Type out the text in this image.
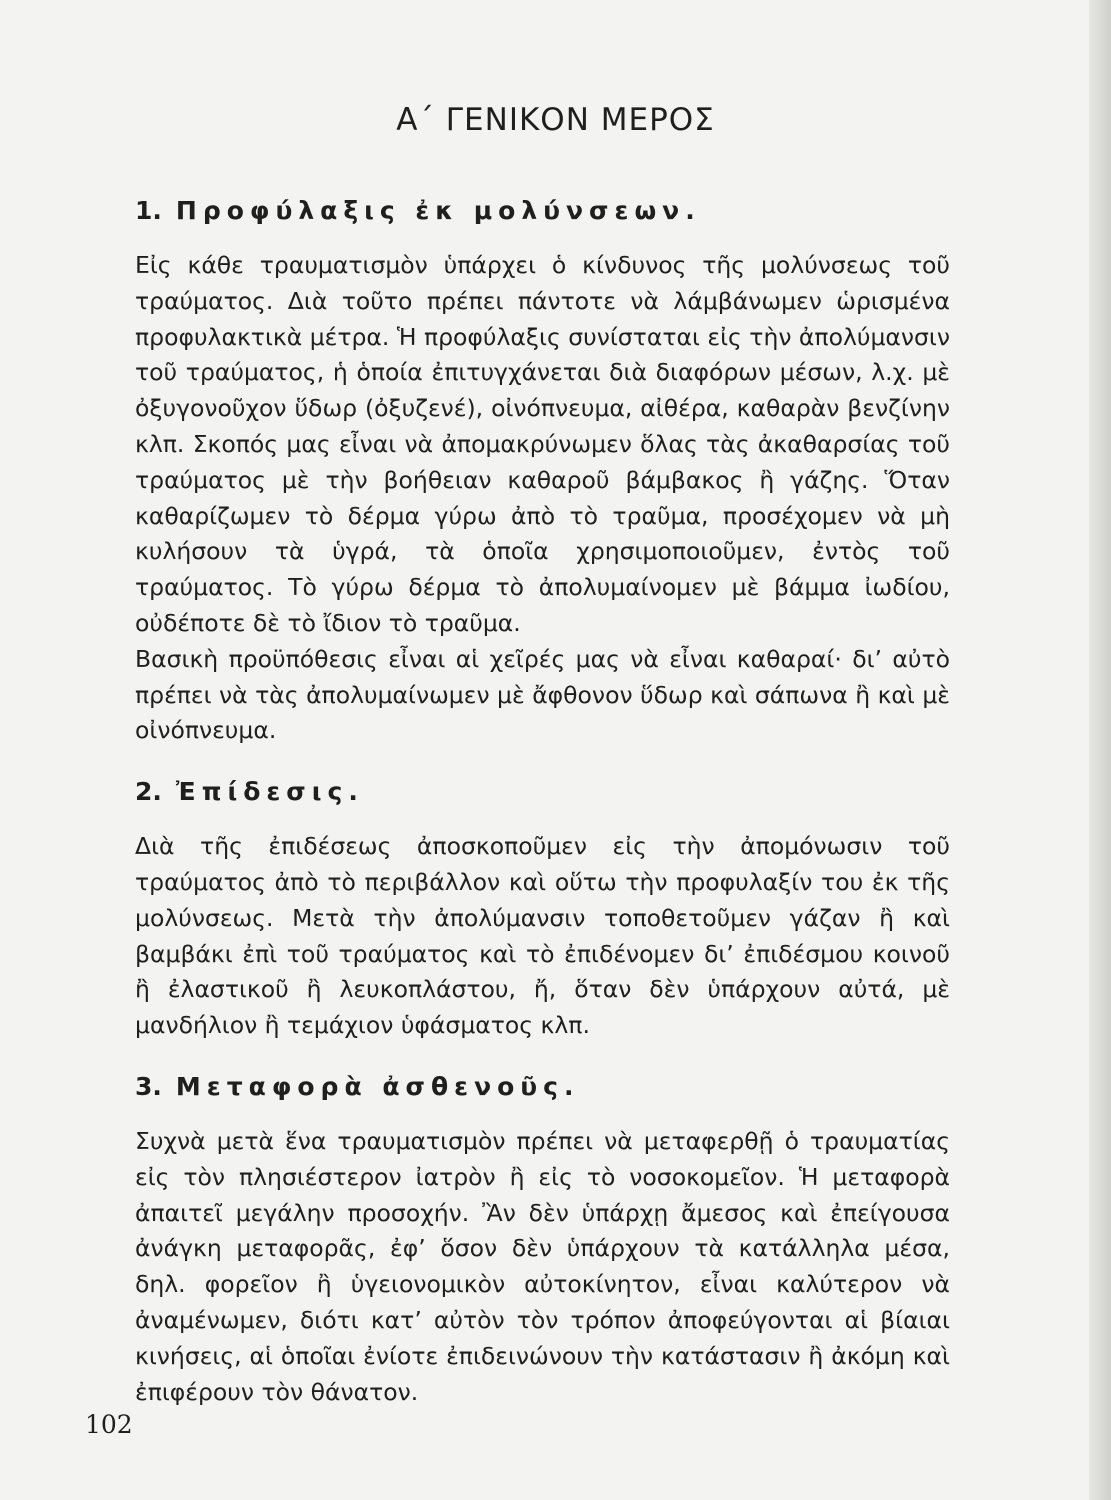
Α΄ ΓΕΝΙΚΟΝ ΜΕΡΟΣ
1. Προφύλαξις ἐκ μολύνσεων.

Εἰς κάθε τραυματισμὸν ὑπάρχει ὁ κίνδυνος τῆς μολύνσεως τοῦ τραύματος. Διὰ τοῦτο πρέπει πάντοτε νὰ λάμβάνωμεν ὡρισμένα προφυλακτικὰ μέτρα. Ἡ προφύλαξις συνίσταται εἰς τὴν ἀπολύμανσιν τοῦ τραύματος, ἡ ὁποία ἐπιτυγχάνεται διὰ διαφόρων μέσων, λ.χ. μὲ ὀξυγονοῦχον ὕδωρ (ὀξυζενέ), οἰνόπνευμα, αἰθέρα, καθαρὰν βενζίνην κλπ. Σκοπός μας εἶναι νὰ ἀπομακρύνωμεν ὅλας τὰς ἀκαθαρσίας τοῦ τραύματος μὲ τὴν βοήθειαν καθαροῦ βάμβακος ἢ γάζης. Ὅταν καθαρίζωμεν τὸ δέρμα γύρω ἀπὸ τὸ τραῦμα, προσέχομεν νὰ μὴ κυλήσουν τὰ ὑγρά, τὰ ὁποῖα χρησιμοποιοῦμεν, ἐντὸς τοῦ τραύματος. Τὸ γύρω δέρμα τὸ ἀπολυμαίνομεν μὲ βάμμα ἰωδίου, οὐδέποτε δὲ τὸ ἴδιον τὸ τραῦμα.

Βασικὴ προϋπόθεσις εἶναι αἱ χεῖρές μας νὰ εἶναι καθαραί· δι’ αὐτὸ πρέπει νὰ τὰς ἀπολυμαίνωμεν μὲ ἄφθονον ὕδωρ καὶ σάπωνα ἢ καὶ μὲ οἰνόπνευμα.

2. Ἐπίδεσις.

Διὰ τῆς ἐπιδέσεως ἀποσκοποῦμεν εἰς τὴν ἀπομόνωσιν τοῦ τραύματος ἀπὸ τὸ περιβάλλον καὶ οὕτω τὴν προφυλαξίν του ἐκ τῆς μολύνσεως. Μετὰ τὴν ἀπολύμανσιν τοποθετοῦμεν γάζαν ἢ καὶ βαμβάκι ἐπὶ τοῦ τραύματος καὶ τὸ ἐπιδένομεν δι’ ἐπιδέσμου κοινοῦ ἢ ἐλαστικοῦ ἢ λευκοπλάστου, ἤ, ὅταν δὲν ὑπάρχουν αὐτά, μὲ μανδήλιον ἢ τεμάχιον ὑφάσματος κλπ.

3. Μεταφορὰ ἀσθενοῦς.

Συχνὰ μετὰ ἕνα τραυματισμὸν πρέπει νὰ μεταφερθῇ ὁ τραυματίας εἰς τὸν πλησιέστερον ἰατρὸν ἢ εἰς τὸ νοσοκομεῖον. Ἡ μεταφορὰ ἀπαιτεῖ μεγάλην προσοχήν. Ἂν δὲν ὑπάρχῃ ἄμεσος καὶ ἐπείγουσα ἀνάγκη μεταφορᾶς, ἐφ’ ὅσον δὲν ὑπάρχουν τὰ κατάλληλα μέσα, δηλ. φορεῖον ἢ ὑγειονομικὸν αὐτοκίνητον, εἶναι καλύτερον νὰ ἀναμένωμεν, διότι κατ’ αὐτὸν τὸν τρόπον ἀποφεύγονται αἱ βίαιαι κινήσεις, αἱ ὁποῖαι ἐνίοτε ἐπιδεινώνουν τὴν κατάστασιν ἢ ἀκόμη καὶ ἐπιφέρουν τὸν θάνατον.

102
